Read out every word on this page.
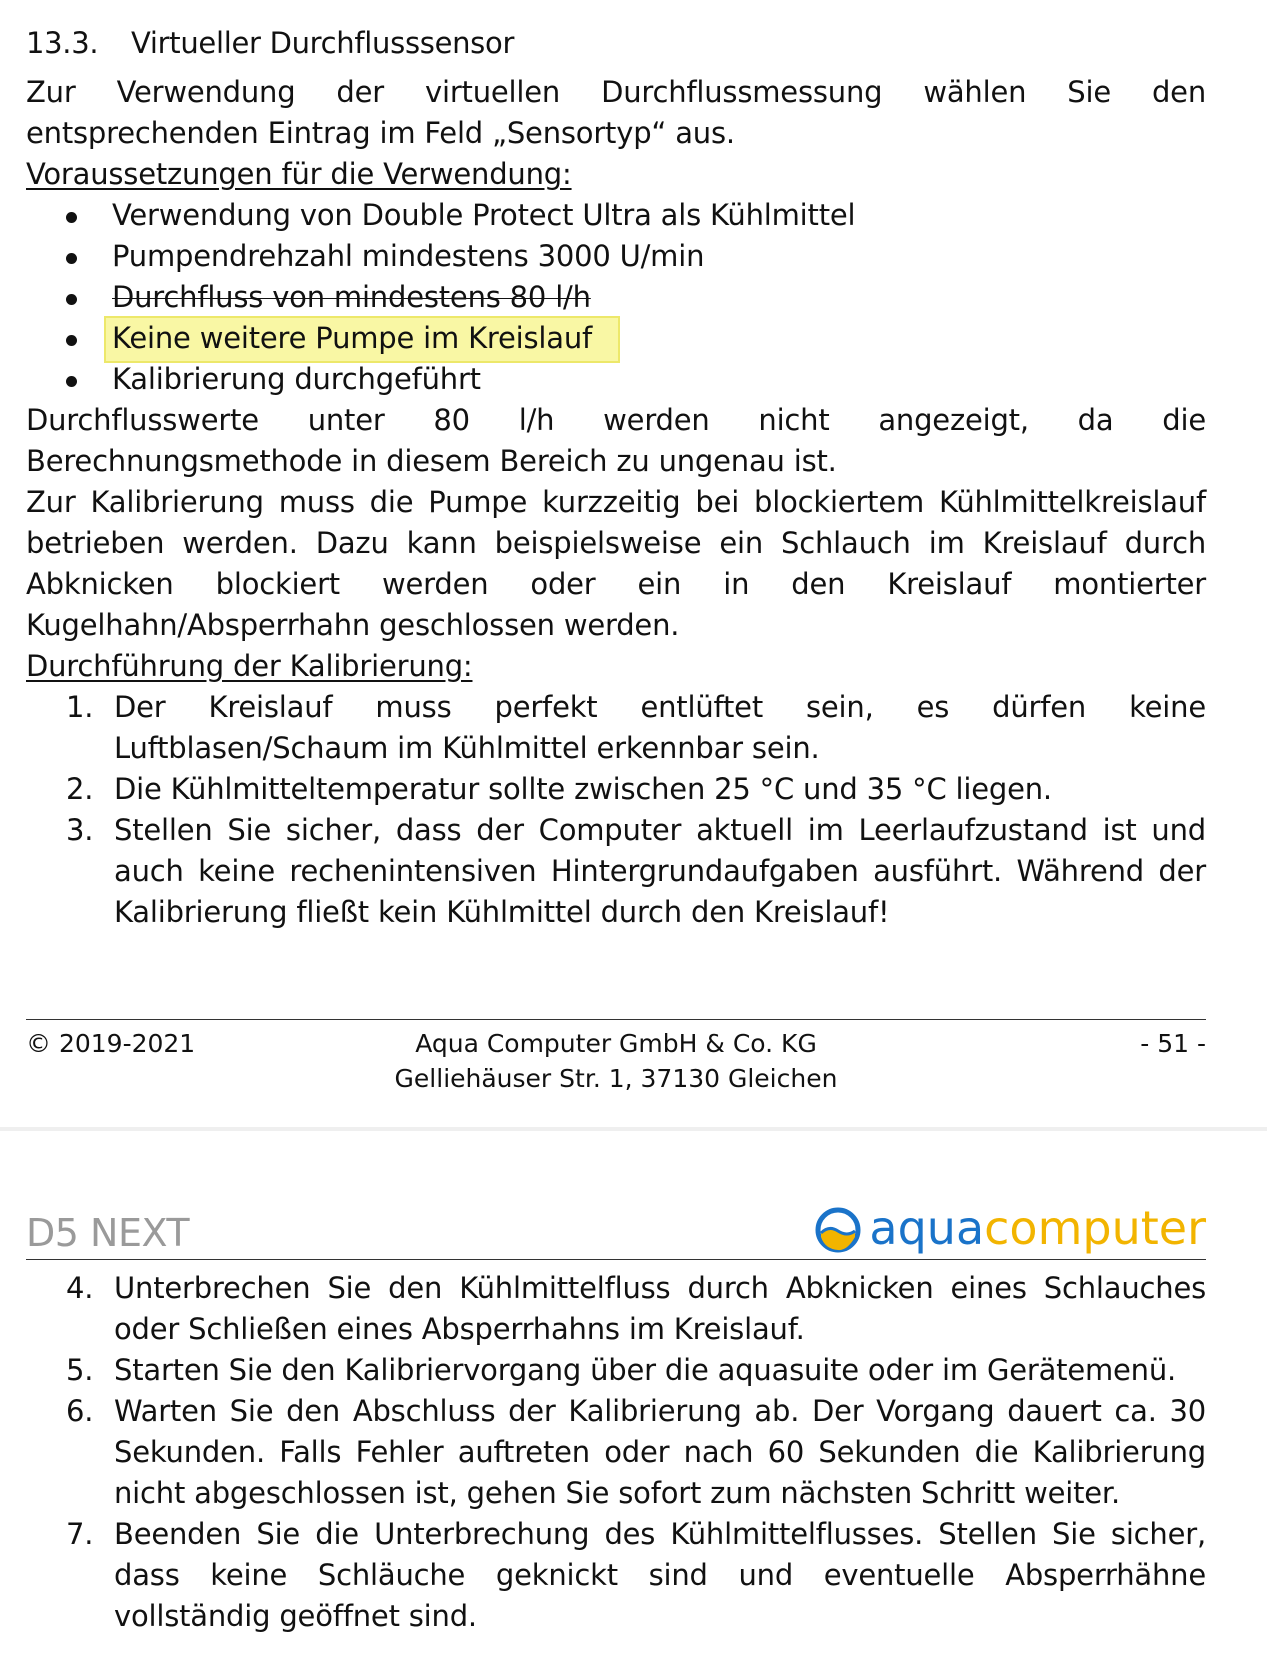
13.3. Virtueller Durchflusssensor

Zur Verwendung der virtuellen Durchflussmessung wählen Sie den entsprechenden Eintrag im Feld „Sensortyp“ aus.

Voraussetzungen für die Verwendung:
Verwendung von Double Protect Ultra als Kühlmittel
Pumpendrehzahl mindestens 3000 U/min
Durchfluss von mindestens 80 l/h
Keine weitere Pumpe im Kreislauf
Kalibrierung durchgeführt

Durchflusswerte unter 80 l/h werden nicht angezeigt, da die Berechnungsmethode in diesem Bereich zu ungenau ist.

Zur Kalibrierung muss die Pumpe kurzzeitig bei blockiertem Kühlmittelkreislauf betrieben werden. Dazu kann beispielsweise ein Schlauch im Kreislauf durch Abknicken blockiert werden oder ein in den Kreislauf montierter Kugelhahn/Absperrhahn geschlossen werden.

Durchführung der Kalibrierung:
1. Der Kreislauf muss perfekt entlüftet sein, es dürfen keine Luftblasen/Schaum im Kühlmittel erkennbar sein.
2. Die Kühlmitteltemperatur sollte zwischen 25 °C und 35 °C liegen.
3. Stellen Sie sicher, dass der Computer aktuell im Leerlaufzustand ist und auch keine rechenintensiven Hintergrundaufgaben ausführt. Während der Kalibrierung fließt kein Kühlmittel durch den Kreislauf!
© 2019-2021	- 51 -
Aqua Computer GmbH & Co. KG
Gelliehäuser Str. 1, 37130 Gleichen
D5 NEXT	aqua computer
4. Unterbrechen Sie den Kühlmittelfluss durch Abknicken eines Schlauches oder Schließen eines Absperrhahns im Kreislauf.
5. Starten Sie den Kalibriervorgang über die aquasuite oder im Gerätemenü.
6. Warten Sie den Abschluss der Kalibrierung ab. Der Vorgang dauert ca. 30 Sekunden. Falls Fehler auftreten oder nach 60 Sekunden die Kalibrierung nicht abgeschlossen ist, gehen Sie sofort zum nächsten Schritt weiter.
7. Beenden Sie die Unterbrechung des Kühlmittelflusses. Stellen Sie sicher, dass keine Schläuche geknickt sind und eventuelle Absperrhähne vollständig geöffnet sind.
